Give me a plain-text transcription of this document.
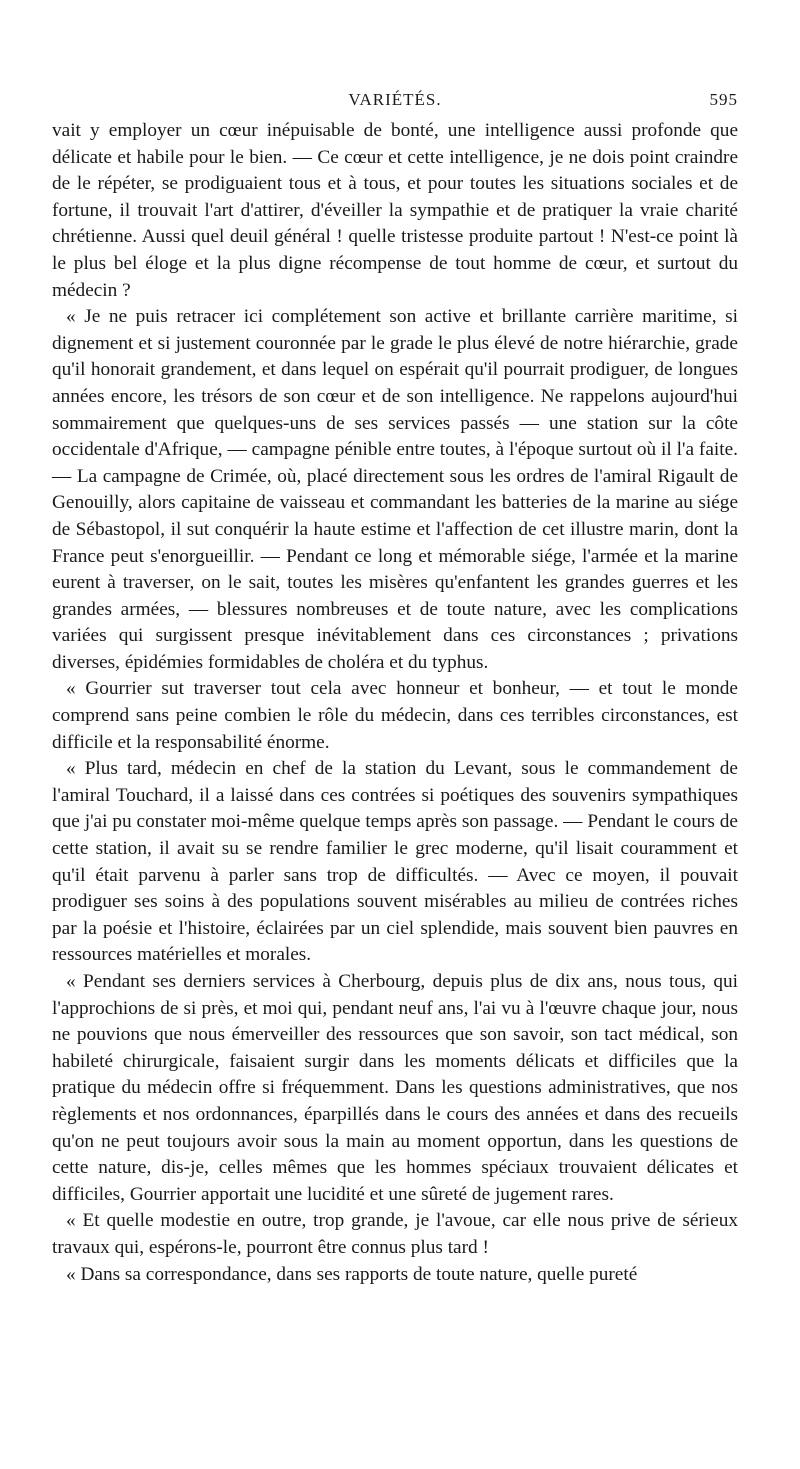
VARIÉTÉS.	595

vait y employer un cœur inépuisable de bonté, une intelligence aussi profonde que délicate et habile pour le bien. — Ce cœur et cette intelligence, je ne dois point craindre de le répéter, se prodiguaient tous et à tous, et pour toutes les situations sociales et de fortune, il trouvait l'art d'attirer, d'éveiller la sympathie et de pratiquer la vraie charité chrétienne. Aussi quel deuil général ! quelle tristesse produite partout ! N'est-ce point là le plus bel éloge et la plus digne récompense de tout homme de cœur, et surtout du médecin ?

« Je ne puis retracer ici complétement son active et brillante carrière maritime, si dignement et si justement couronnée par le grade le plus élevé de notre hiérarchie, grade qu'il honorait grandement, et dans lequel on espérait qu'il pourrait prodiguer, de longues années encore, les trésors de son cœur et de son intelligence. Ne rappelons aujourd'hui sommairement que quelques-uns de ses services passés — une station sur la côte occidentale d'Afrique, — campagne pénible entre toutes, à l'époque surtout où il l'a faite. — La campagne de Crimée, où, placé directement sous les ordres de l'amiral Rigault de Genouilly, alors capitaine de vaisseau et commandant les batteries de la marine au siége de Sébastopol, il sut conquérir la haute estime et l'affection de cet illustre marin, dont la France peut s'enorgueillir. — Pendant ce long et mémorable siége, l'armée et la marine eurent à traverser, on le sait, toutes les misères qu'enfantent les grandes guerres et les grandes armées, — blessures nombreuses et de toute nature, avec les complications variées qui surgissent presque inévitablement dans ces circonstances ; privations diverses, épidémies formidables de choléra et du typhus.

« Gourrier sut traverser tout cela avec honneur et bonheur, — et tout le monde comprend sans peine combien le rôle du médecin, dans ces terribles circonstances, est difficile et la responsabilité énorme.

« Plus tard, médecin en chef de la station du Levant, sous le commandement de l'amiral Touchard, il a laissé dans ces contrées si poétiques des souvenirs sympathiques que j'ai pu constater moi-même quelque temps après son passage. — Pendant le cours de cette station, il avait su se rendre familier le grec moderne, qu'il lisait couramment et qu'il était parvenu à parler sans trop de difficultés. — Avec ce moyen, il pouvait prodiguer ses soins à des populations souvent misérables au milieu de contrées riches par la poésie et l'histoire, éclairées par un ciel splendide, mais souvent bien pauvres en ressources matérielles et morales.

« Pendant ses derniers services à Cherbourg, depuis plus de dix ans, nous tous, qui l'approchions de si près, et moi qui, pendant neuf ans, l'ai vu à l'œuvre chaque jour, nous ne pouvions que nous émerveiller des ressources que son savoir, son tact médical, son habileté chirurgicale, faisaient surgir dans les moments délicats et difficiles que la pratique du médecin offre si fréquemment. Dans les questions administratives, que nos règlements et nos ordonnances, éparpillés dans le cours des années et dans des recueils qu'on ne peut toujours avoir sous la main au moment opportun, dans les questions de cette nature, dis-je, celles mêmes que les hommes spéciaux trouvaient délicates et difficiles, Gourrier apportait une lucidité et une sûreté de jugement rares.

« Et quelle modestie en outre, trop grande, je l'avoue, car elle nous prive de sérieux travaux qui, espérons-le, pourront être connus plus tard !

« Dans sa correspondance, dans ses rapports de toute nature, quelle pureté
